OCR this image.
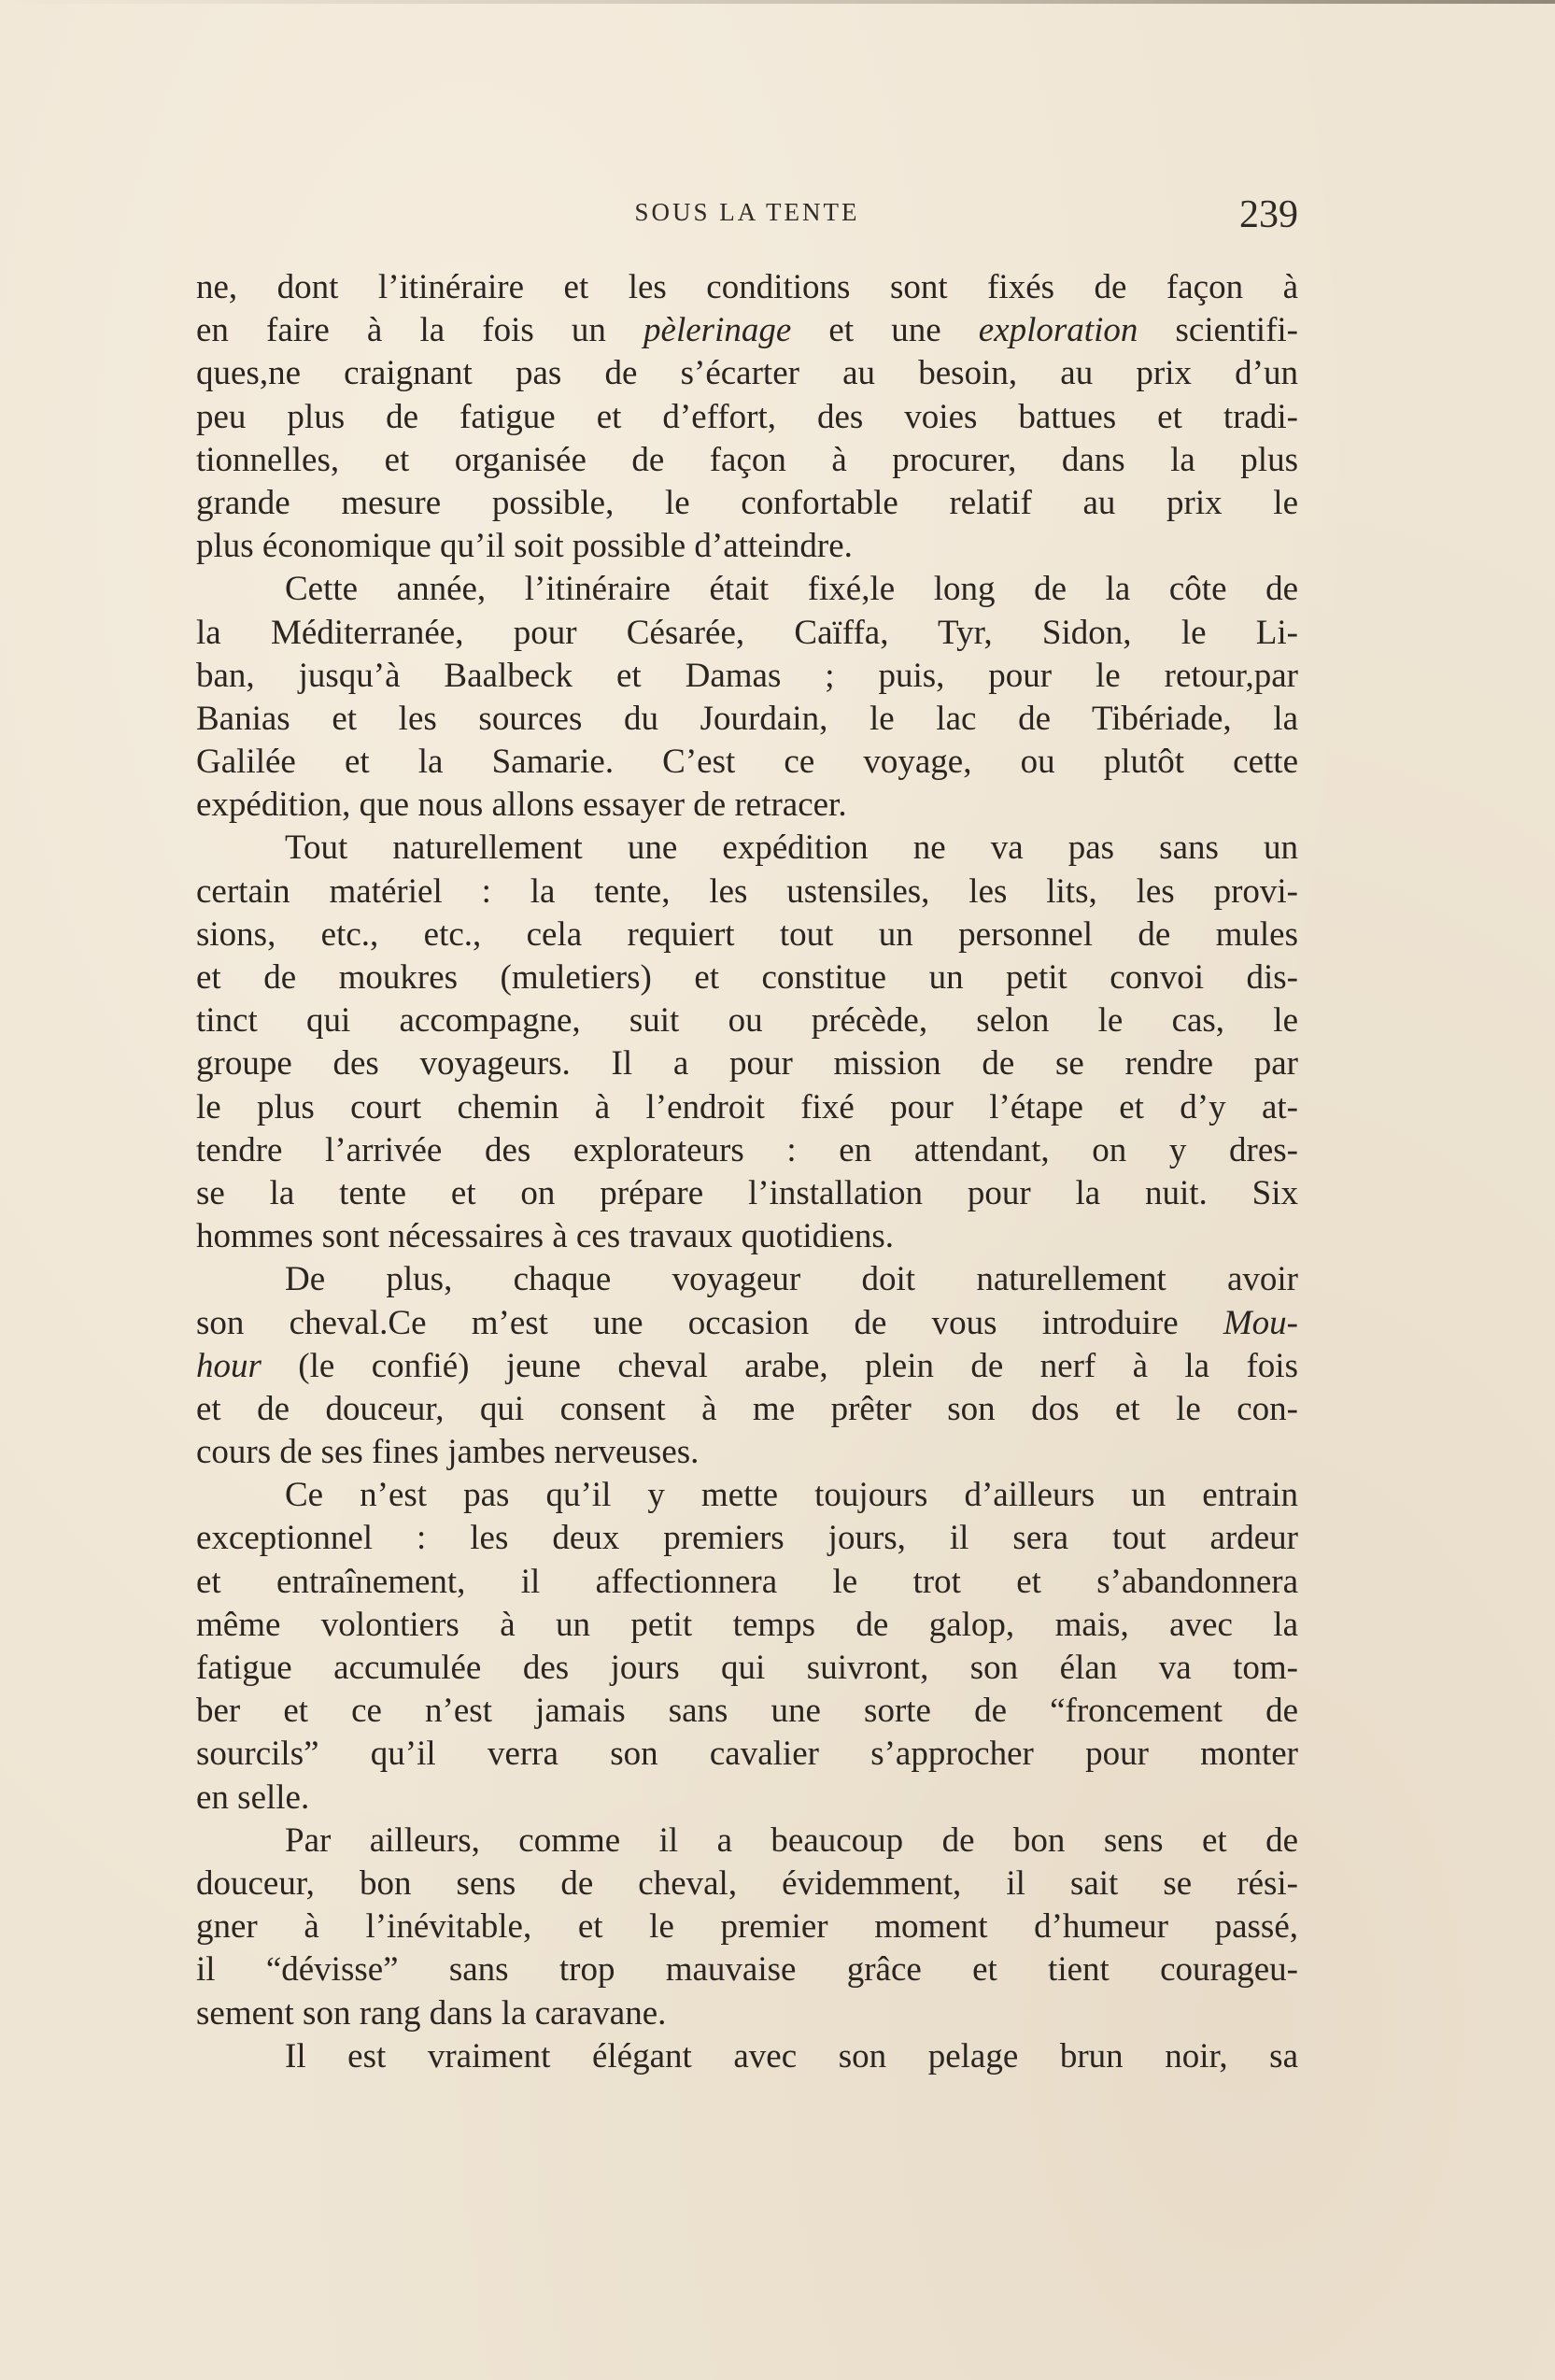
SOUS LA TENTE	239
ne, dont l’itinéraire et les conditions sont fixés de façon à
en faire à la fois un pèlerinage et une exploration scientifi-
ques,ne craignant pas de s’écarter au besoin, au prix d’un
peu plus de fatigue et d’effort, des voies battues et tradi-
tionnelles, et organisée de façon à procurer, dans la plus
grande mesure possible, le confortable relatif au prix le
plus économique qu’il soit possible d’atteindre.
Cette année, l’itinéraire était fixé,le long de la côte de
la Méditerranée, pour Césarée, Caïffa, Tyr, Sidon, le Li-
ban, jusqu’à Baalbeck et Damas ; puis, pour le retour,par
Banias et les sources du Jourdain, le lac de Tibériade, la
Galilée et la Samarie. C’est ce voyage, ou plutôt cette
expédition, que nous allons essayer de retracer.
Tout naturellement une expédition ne va pas sans un
certain matériel : la tente, les ustensiles, les lits, les provi-
sions, etc., etc., cela requiert tout un personnel de mules
et de moukres (muletiers) et constitue un petit convoi dis-
tinct qui accompagne, suit ou précède, selon le cas, le
groupe des voyageurs. Il a pour mission de se rendre par
le plus court chemin à l’endroit fixé pour l’étape et d’y at-
tendre l’arrivée des explorateurs : en attendant, on y dres-
se la tente et on prépare l’installation pour la nuit. Six
hommes sont nécessaires à ces travaux quotidiens.
De plus, chaque voyageur doit naturellement avoir
son cheval.Ce m’est une occasion de vous introduire Mou-
hour (le confié) jeune cheval arabe, plein de nerf à la fois
et de douceur, qui consent à me prêter son dos et le con-
cours de ses fines jambes nerveuses.
Ce n’est pas qu’il y mette toujours d’ailleurs un entrain
exceptionnel : les deux premiers jours, il sera tout ardeur
et entraînement, il affectionnera le trot et s’abandonnera
même volontiers à un petit temps de galop, mais, avec la
fatigue accumulée des jours qui suivront, son élan va tom-
ber et ce n’est jamais sans une sorte de “froncement de
sourcils” qu’il verra son cavalier s’approcher pour monter
en selle.
Par ailleurs, comme il a beaucoup de bon sens et de
douceur, bon sens de cheval, évidemment, il sait se rési-
gner à l’inévitable, et le premier moment d’humeur passé,
il “dévisse” sans trop mauvaise grâce et tient courageu-
sement son rang dans la caravane.
Il est vraiment élégant avec son pelage brun noir, sa
